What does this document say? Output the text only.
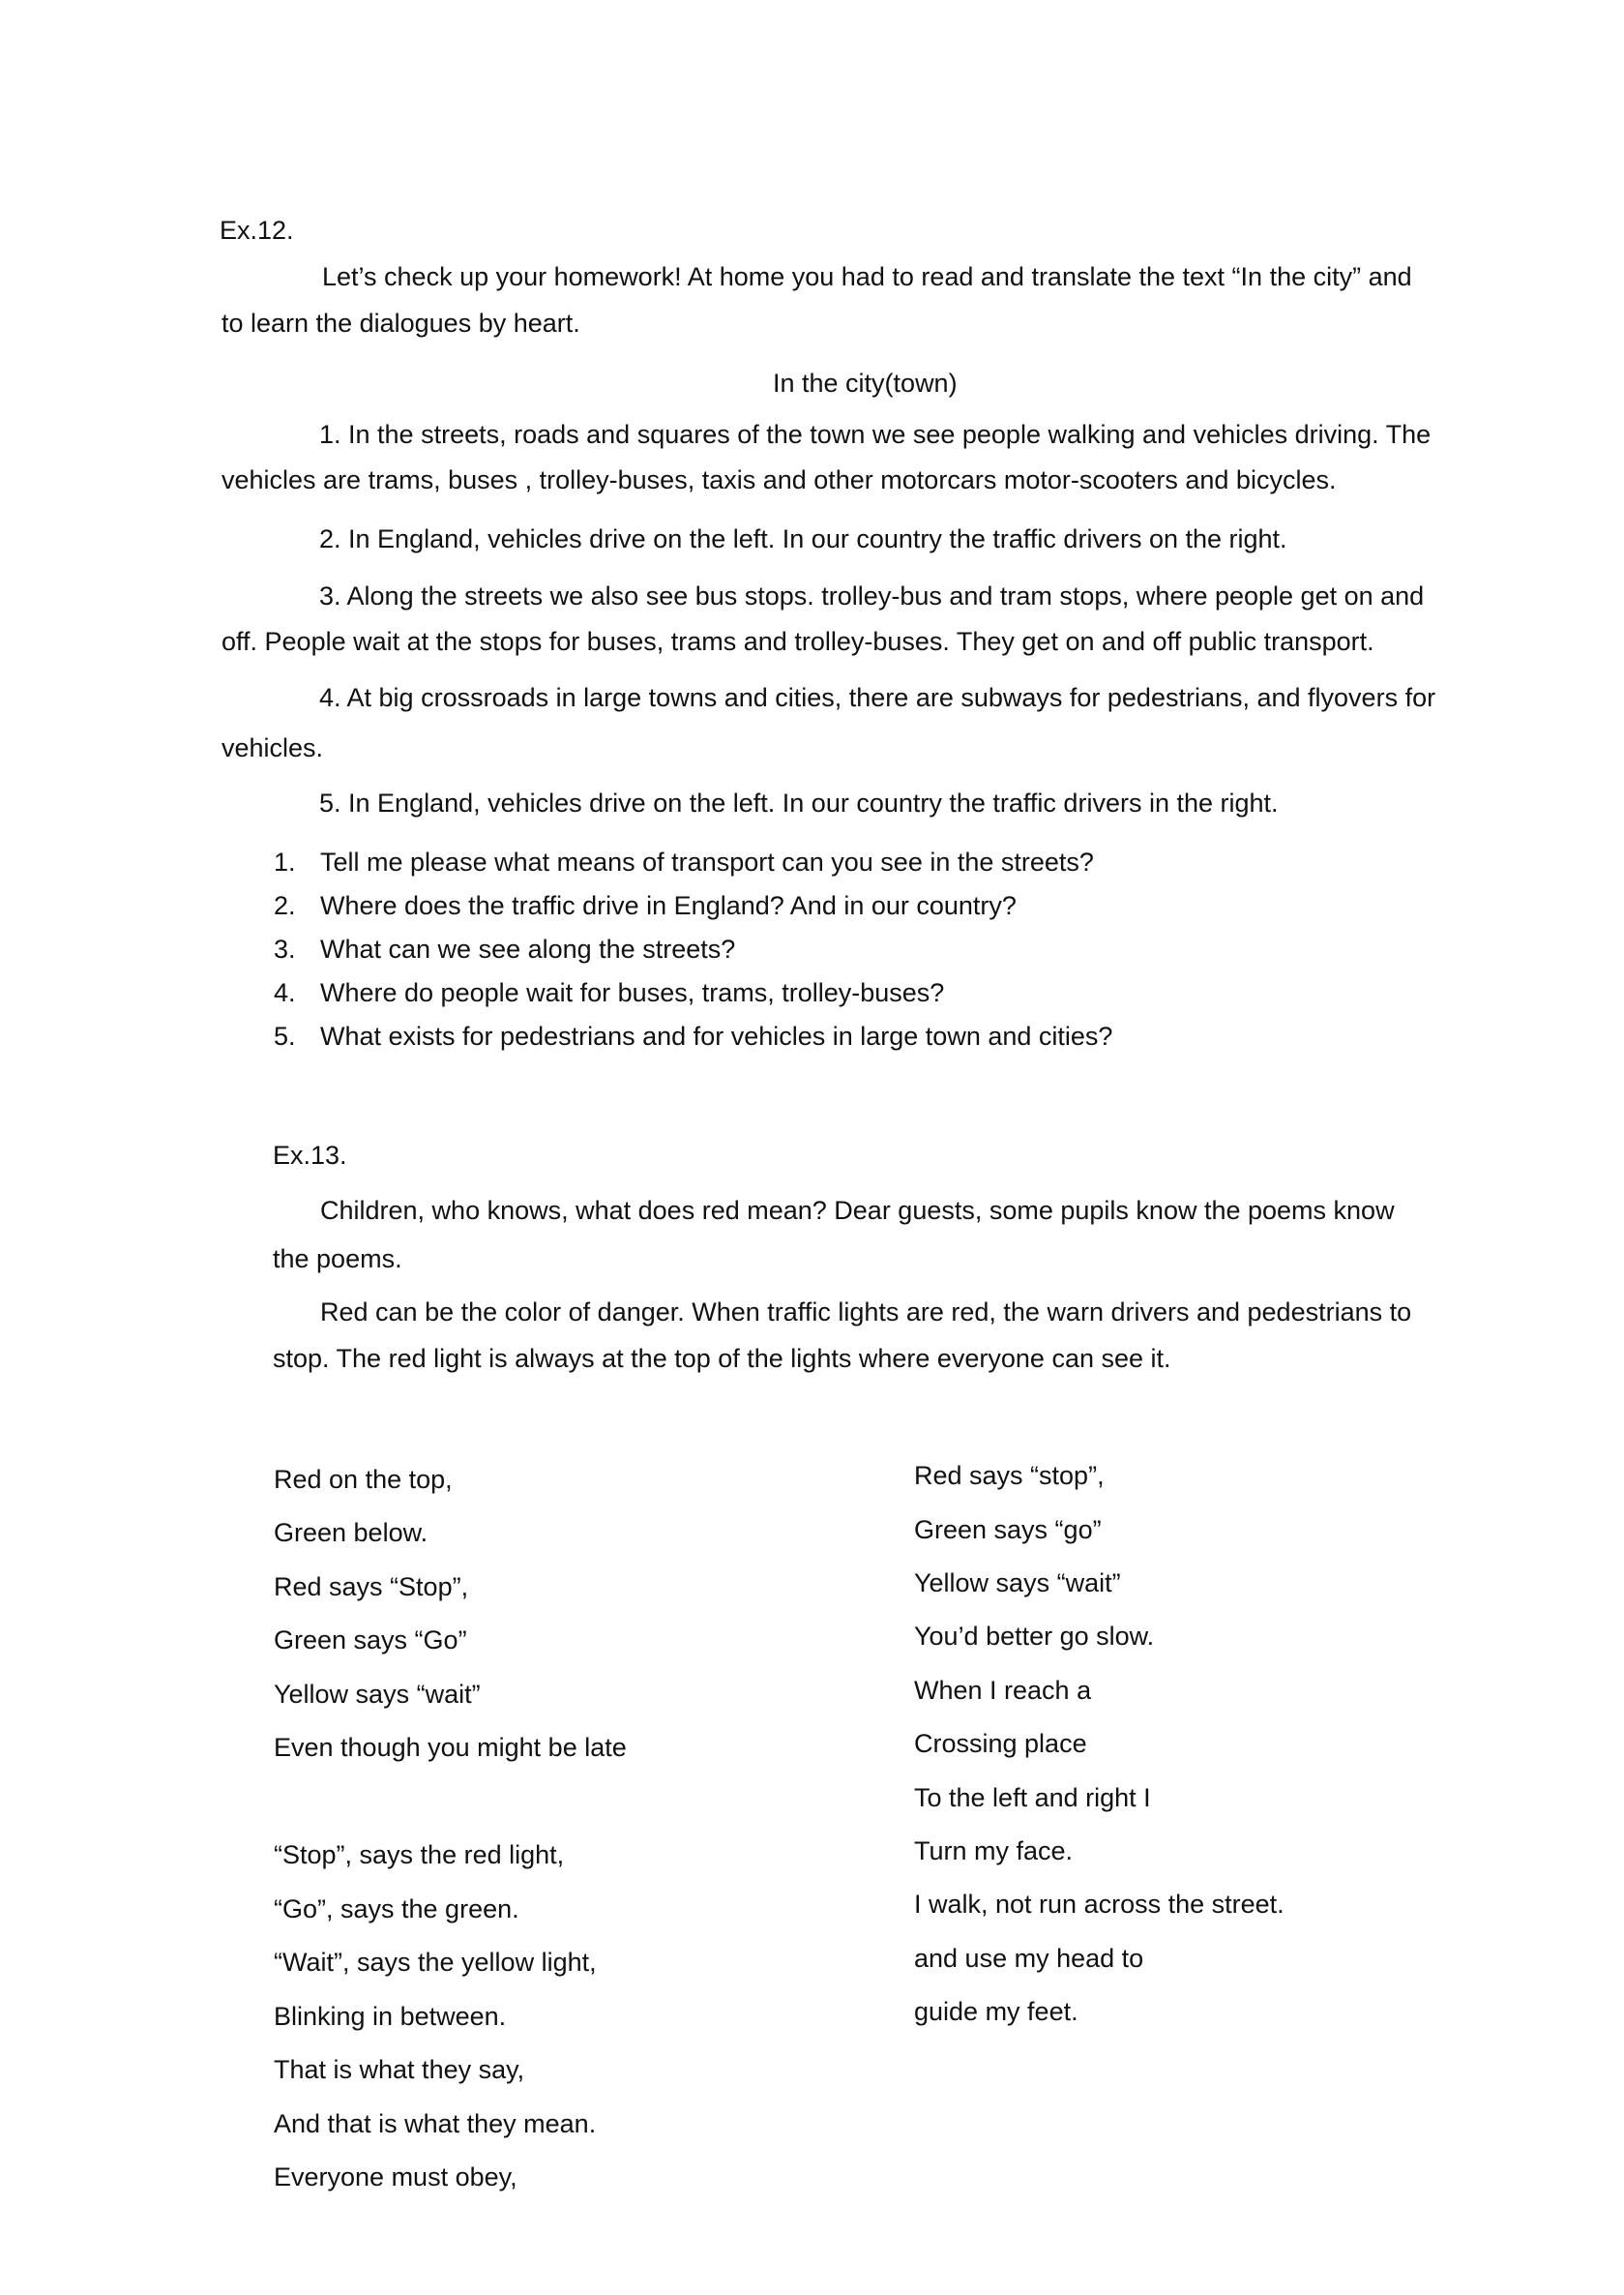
Ex.12.
Let’s check up your homework! At home you had to read and translate the text “In the city” and
to learn the dialogues by heart.
In the city(town)
1. In the streets, roads and squares of the town we see people walking and vehicles driving. The
vehicles are trams, buses , trolley-buses, taxis and other motorcars motor-scooters and bicycles.
2. In England, vehicles drive on the left. In our country the traffic drivers on the right.
3. Along the streets we also see bus stops. trolley-bus and tram stops, where people get on and
off. People wait at the stops for buses, trams and trolley-buses. They get on and off public transport.
4. At big crossroads in large towns and cities, there are subways for pedestrians, and flyovers for
vehicles.
5. In England, vehicles drive on the left. In our country the traffic drivers in the right.
1. Tell me please what means of transport can you see in the streets?
2. Where does the traffic drive in England? And in our country?
3. What can we see along the streets?
4. Where do people wait for buses, trams, trolley-buses?
5. What exists for pedestrians and for vehicles in large town and cities?
Ex.13.
Children, who knows, what does red mean? Dear guests, some pupils know the poems know
the poems.
Red can be the color of danger. When traffic lights are red, the warn drivers and pedestrians to
stop. The red light is always at the top of the lights where everyone can see it.
Red on the top,
Green below.
Red says “Stop”,
Green says “Go”
Yellow says “wait”
Even though you might be late
“Stop”, says the red light,
“Go”, says the green.
“Wait”, says the yellow light,
Blinking in between.
That is what they say,
And that is what they mean.
Everyone must obey,
Red says “stop”,
Green says “go”
Yellow says “wait”
You’d better go slow.
When I reach a
Crossing place
To the left and right I
Turn my face.
I walk, not run across the street.
and use my head to
guide my feet.
